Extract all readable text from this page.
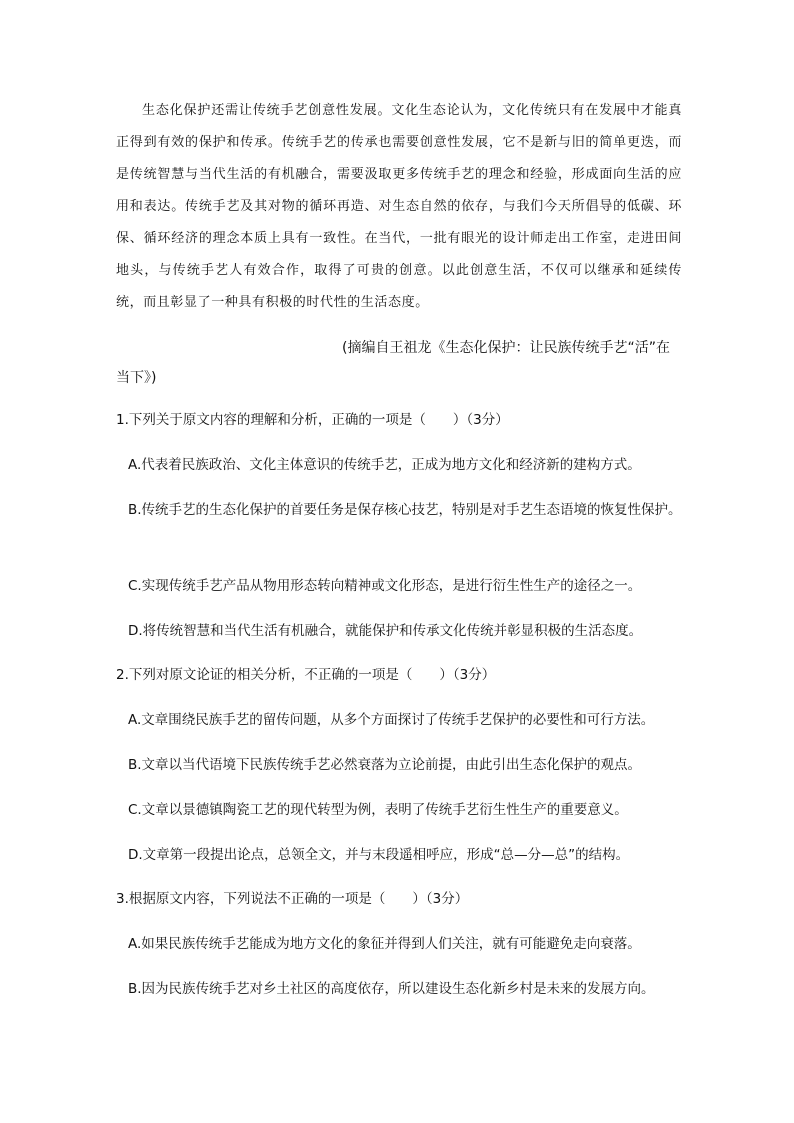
生态化保护还需让传统手艺创意性发展。文化生态论认为，文化传统只有在发展中才能真正得到有效的保护和传承。传统手艺的传承也需要创意性发展，它不是新与旧的简单更迭，而是传统智慧与当代生活的有机融合，需要汲取更多传统手艺的理念和经验，形成面向生活的应用和表达。传统手艺及其对物的循环再造、对生态自然的依存，与我们今天所倡导的低碳、环保、循环经济的理念本质上具有一致性。在当代，一批有眼光的设计师走出工作室，走进田间地头，与传统手艺人有效合作，取得了可贵的创意。以此创意生活，不仅可以继承和延续传统，而且彰显了一种具有积极的时代性的生活态度。

(摘编自王祖龙《生态化保护：让民族传统手艺“活”在当下》)

1.下列关于原文内容的理解和分析，正确的一项是（　　）（3分）

A.代表着民族政治、文化主体意识的传统手艺，正成为地方文化和经济新的建构方式。

B.传统手艺的生态化保护的首要任务是保存核心技艺，特别是对手艺生态语境的恢复性保护。

C.实现传统手艺产品从物用形态转向精神或文化形态，是进行衍生性生产的途径之一。

D.将传统智慧和当代生活有机融合，就能保护和传承文化传统并彰显积极的生活态度。

2.下列对原文论证的相关分析，不正确的一项是（　　）（3分）

A.文章围绕民族手艺的留传问题，从多个方面探讨了传统手艺保护的必要性和可行方法。

B.文章以当代语境下民族传统手艺必然衰落为立论前提，由此引出生态化保护的观点。

C.文章以景德镇陶瓷工艺的现代转型为例，表明了传统手艺衍生性生产的重要意义。

D.文章第一段提出论点，总领全文，并与末段遥相呼应，形成“总—分—总”的结构。

3.根据原文内容，下列说法不正确的一项是（　　）（3分）

A.如果民族传统手艺能成为地方文化的象征并得到人们关注，就有可能避免走向衰落。

B.因为民族传统手艺对乡土社区的高度依存，所以建设生态化新乡村是未来的发展方向。
